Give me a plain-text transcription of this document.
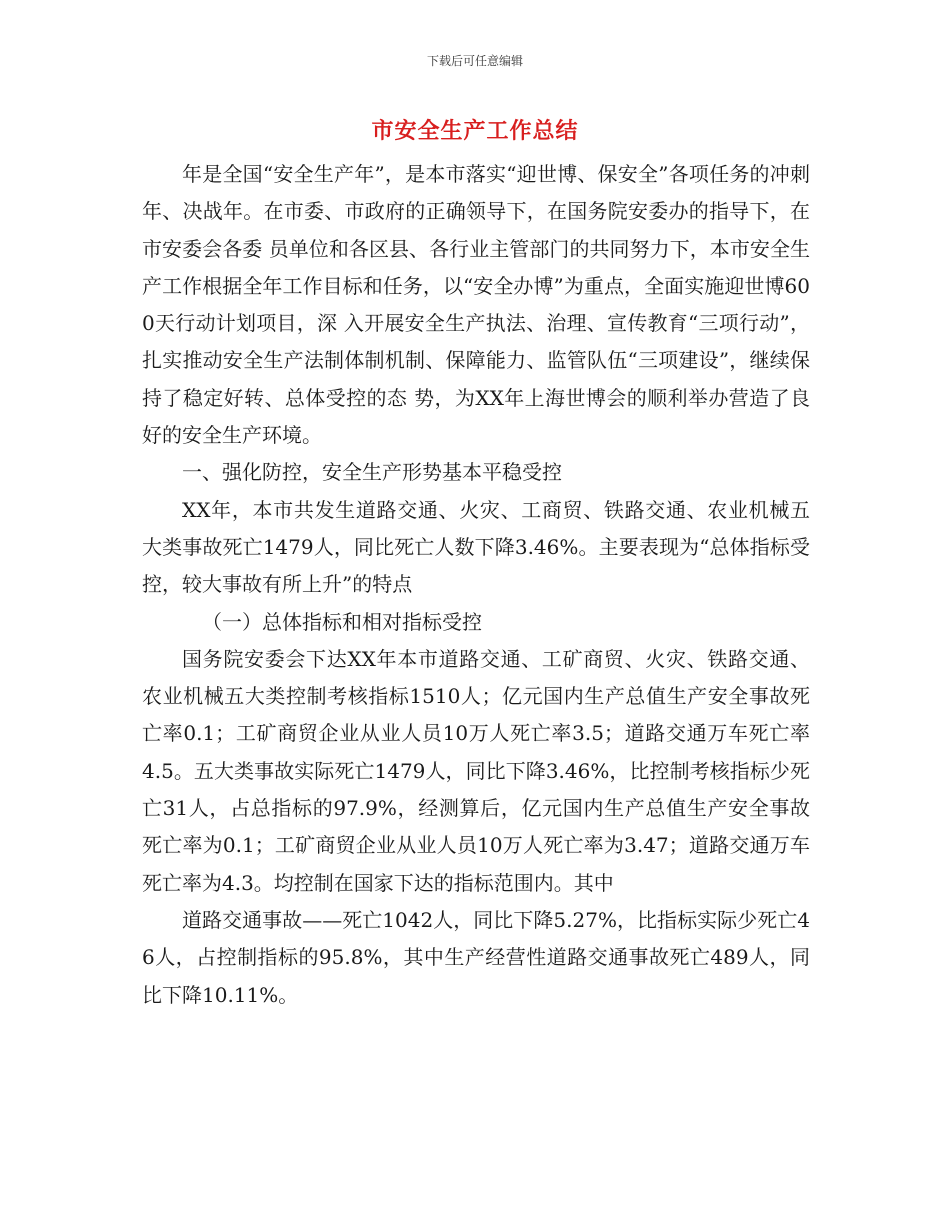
下载后可任意编辑
市安全生产工作总结

年是全国“安全生产年”，是本市落实“迎世博、保安全”各项任务的冲刺年、决战年。在市委、市政府的正确领导下，在国务院安委办的指导下，在市安委会各委 员单位和各区县、各行业主管部门的共同努力下，本市安全生产工作根据全年工作目标和任务，以“安全办博”为重点，全面实施迎世博600天行动计划项目，深 入开展安全生产执法、治理、宣传教育“三项行动”，扎实推动安全生产法制体制机制、保障能力、监管队伍“三项建设”，继续保持了稳定好转、总体受控的态 势，为XX年上海世博会的顺利举办营造了良好的安全生产环境。

一、强化防控，安全生产形势基本平稳受控

XX年，本市共发生道路交通、火灾、工商贸、铁路交通、农业机械五大类事故死亡1479人，同比死亡人数下降3.46%。主要表现为“总体指标受控，较大事故有所上升”的特点

（一）总体指标和相对指标受控

国务院安委会下达XX年本市道路交通、工矿商贸、火灾、铁路交通、农业机械五大类控制考核指标1510人；亿元国内生产总值生产安全事故死亡率0.1；工矿商贸企业从业人员10万人死亡率3.5；道路交通万车死亡率4.5。五大类事故实际死亡1479人，同比下降3.46%，比控制考核指标少死 亡31人，占总指标的97.9%，经测算后，亿元国内生产总值生产安全事故死亡率为0.1；工矿商贸企业从业人员10万人死亡率为3.47；道路交通万车 死亡率为4.3。均控制在国家下达的指标范围内。其中

道路交通事故——死亡1042人，同比下降5.27%，比指标实际少死亡46人，占控制指标的95.8%，其中生产经营性道路交通事故死亡489人，同比下降10.11%。
